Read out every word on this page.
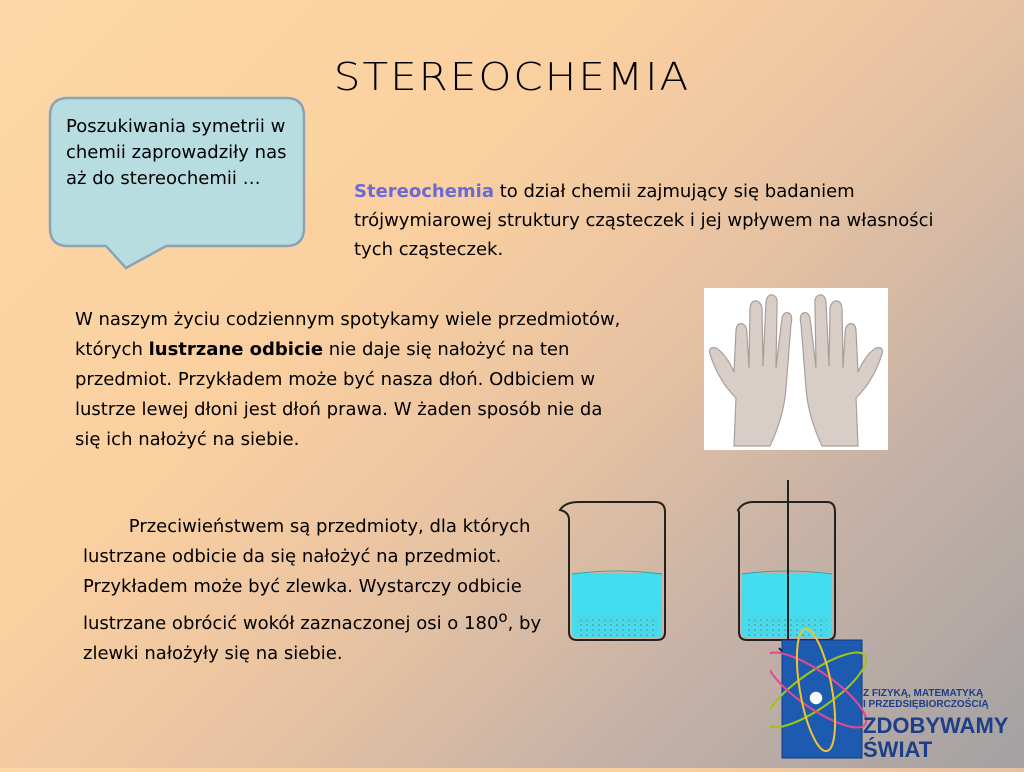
STEREOCHEMIA
Poszukiwania symetrii w chemii zaprowadziły nas aż do stereochemii …
Stereochemia to dział chemii zajmujący się badaniem trójwymiarowej struktury cząsteczek i jej wpływem na własności tych cząsteczek.
W naszym życiu codziennym spotykamy wiele przedmiotów, których lustrzane odbicie nie daje się nałożyć na ten przedmiot. Przykładem może być nasza dłoń. Odbiciem w lustrze lewej dłoni jest dłoń prawa. W żaden sposób nie da się ich nałożyć na siebie.
Przeciwieństwem są przedmioty, dla których lustrzane odbicie da się nałożyć na przedmiot. Przykładem może być zlewka. Wystarczy odbicie lustrzane obrócić wokół zaznaczonej osi o 180$^o$, by zlewki nałożyły się na siebie.
Z FIZYKĄ, MATEMATYKĄ
I PRZEDSIĘBIORCZOŚCIĄ
ZDOBYWAMY
ŚWIAT
